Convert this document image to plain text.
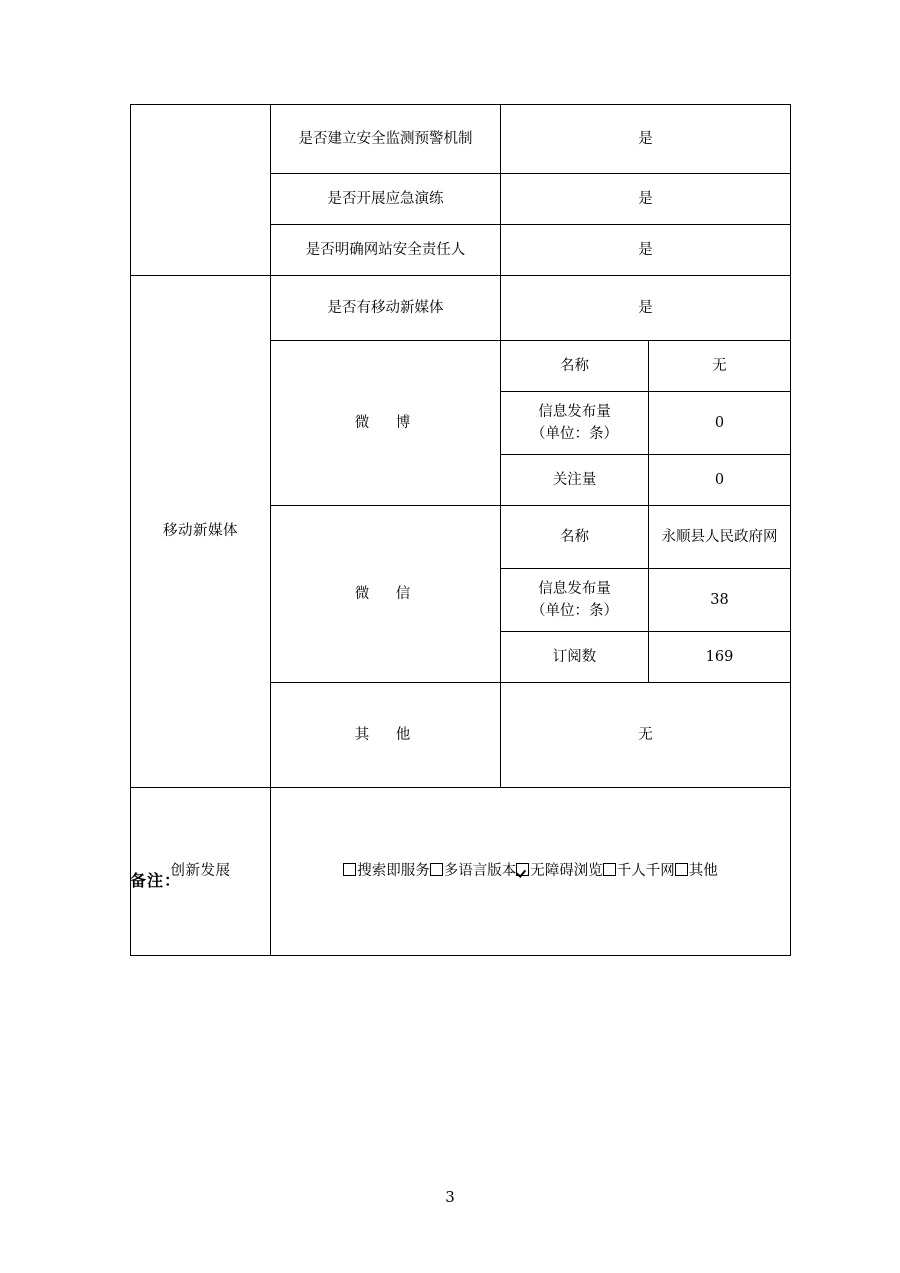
	是否建立安全监测预警机制	是	
	是否开展应急演练	是	
	是否明确网站安全责任人	是	
移动新媒体	是否有移动新媒体	是	
	微　博	名称	无

		信息发布量
（单位：条）	0
		关注量	0
	微　信	名称	永顺县人民政府网

		信息发布量
（单位：条）	38
		订阅数	169
	其　他	无	
创新发展	搜索即服务 多语言版本 无障碍浏览 千人千网 其他		
备注：
3
